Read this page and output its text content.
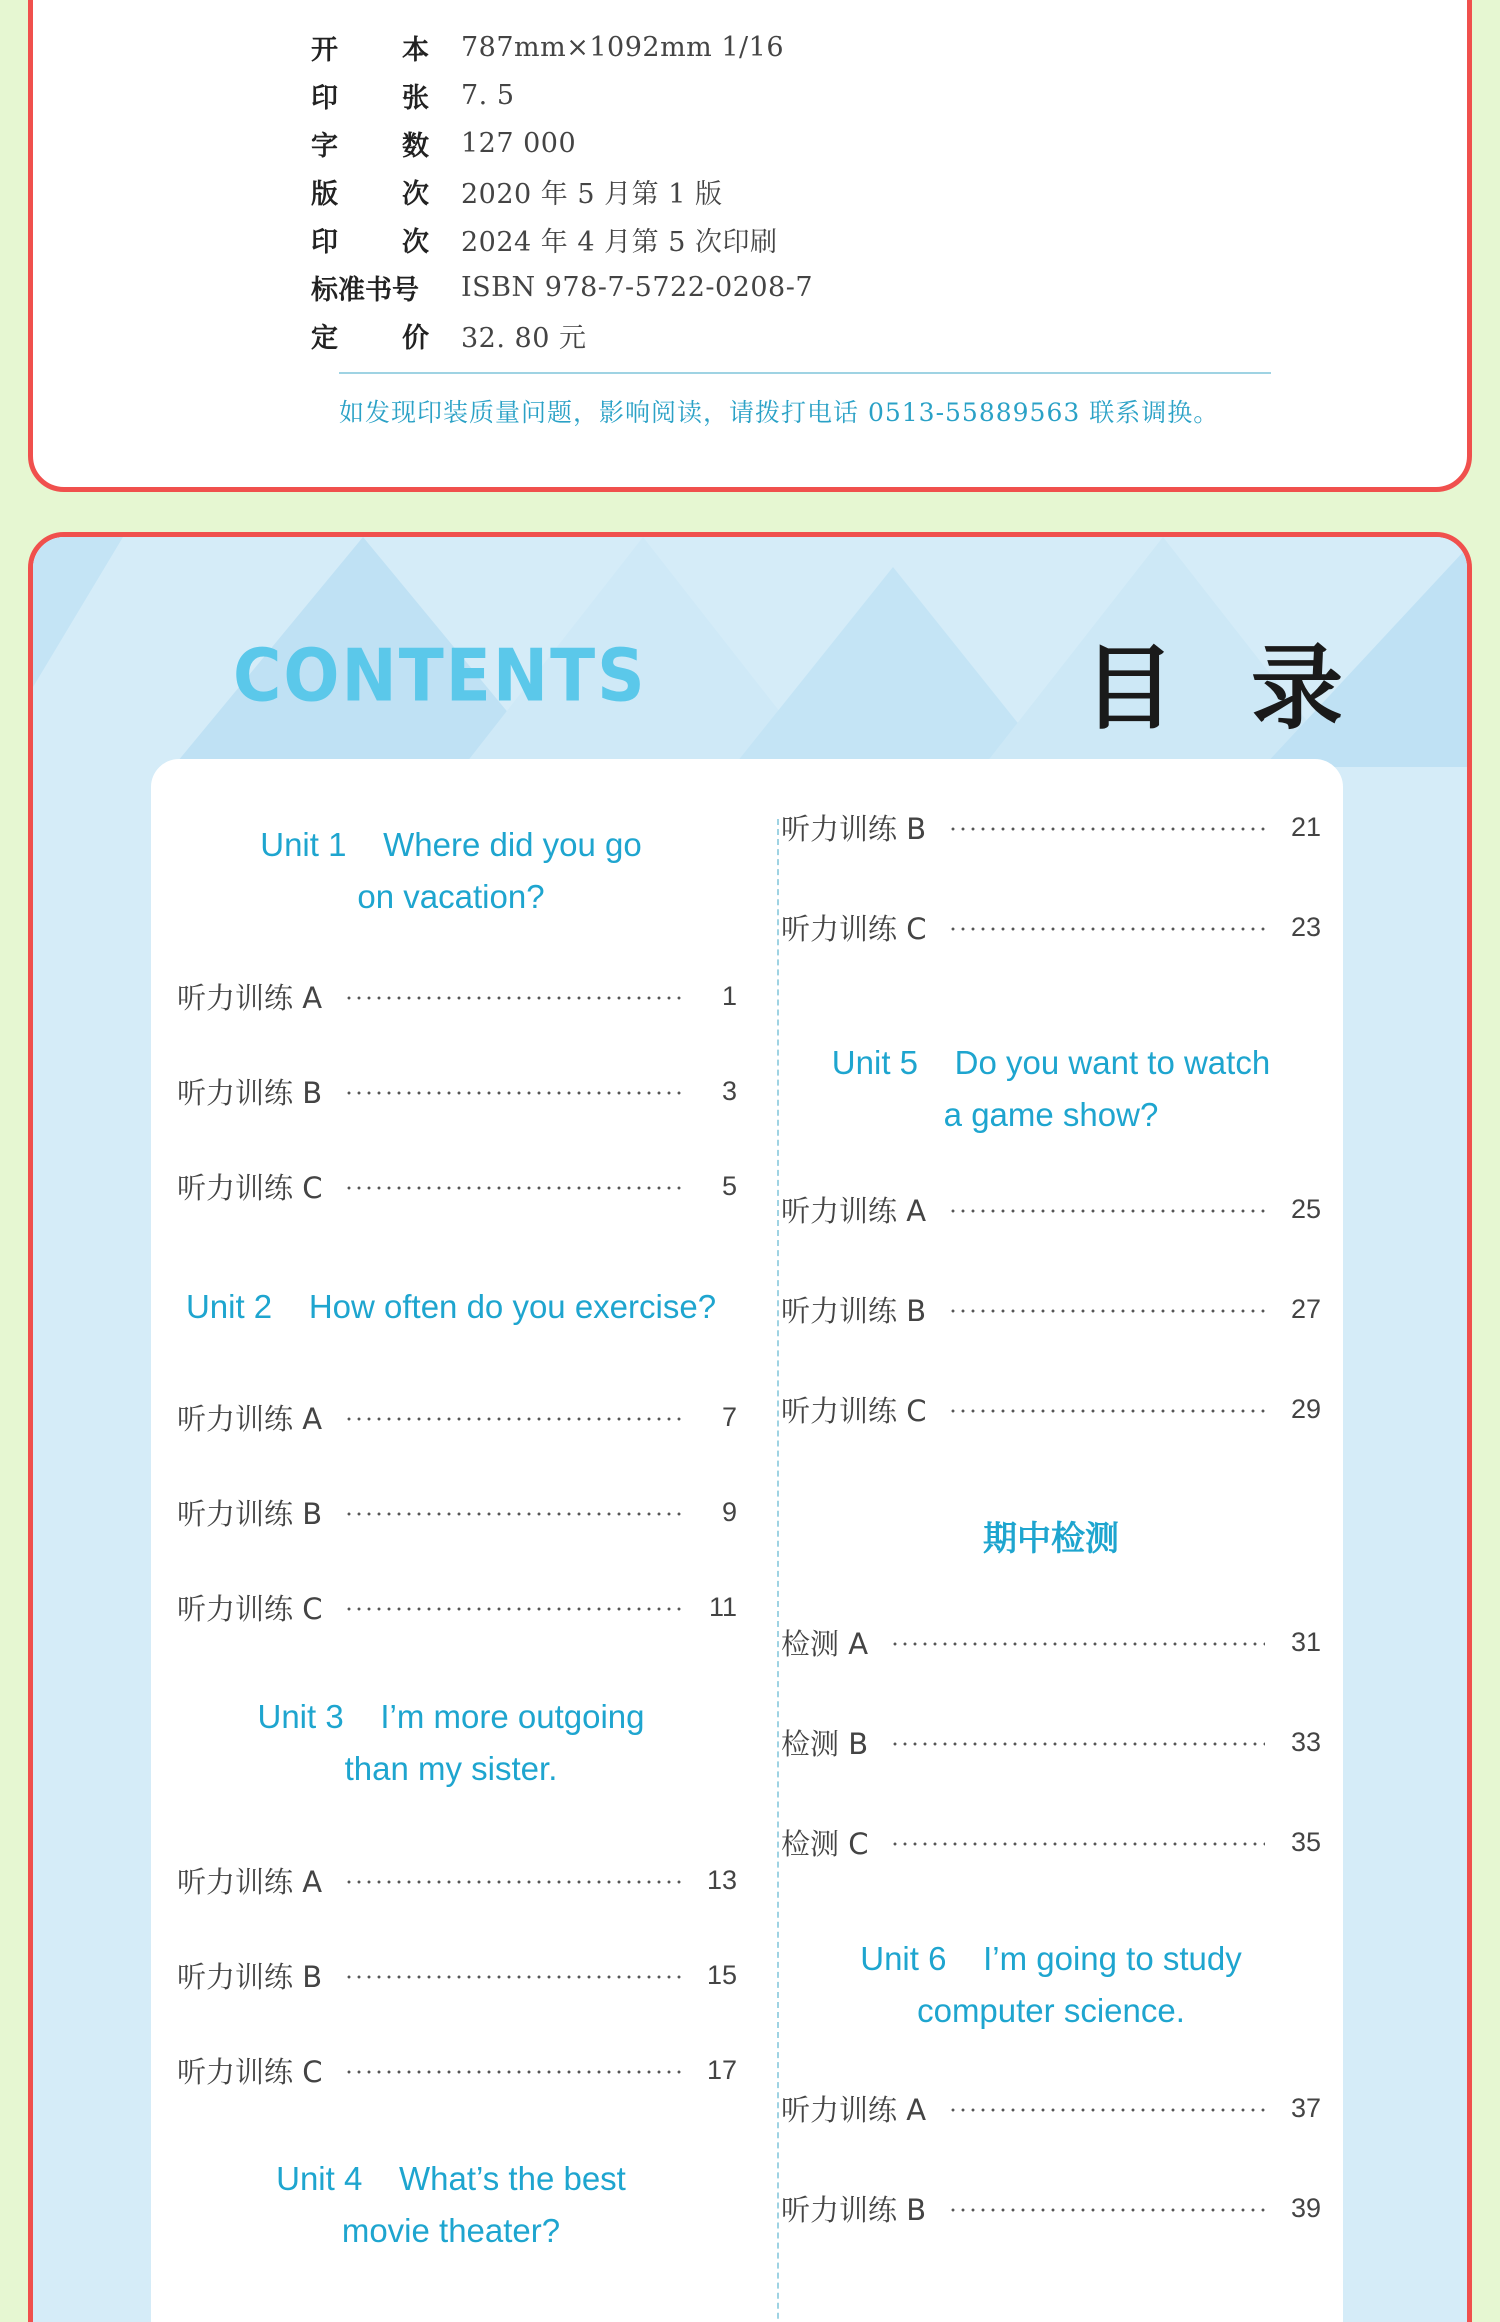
开 本 787mm×1092mm 1/16
印 张 7. 5
字 数 127 000
版 次 2020 年 5 月第 1 版
印 次 2024 年 4 月第 5 次印刷
标准书号	ISBN 978-7-5722-0208-7
定 价 32. 80 元
如发现印装质量问题，影响阅读，请拨打电话 0513-55889563 联系调换。
CONTENTS	目 录
Unit 1    Where did you go
on vacation?
听力训练 A	1
听力训练 B	3
听力训练 C	5
Unit 2    How often do you exercise?
听力训练 A	7
听力训练 B	9
听力训练 C	11
Unit 3    I’m more outgoing
than my sister.
听力训练 A	13
听力训练 B	15
听力训练 C	17
Unit 4    What’s the best
movie theater?
听力训练 B	21
听力训练 C	23
Unit 5    Do you want to watch
a game show?
听力训练 A	25
听力训练 B	27
听力训练 C	29
期中检测
检测 A	31
检测 B	33
检测 C	35
Unit 6    I’m going to study
computer science.
听力训练 A	37
听力训练 B	39
